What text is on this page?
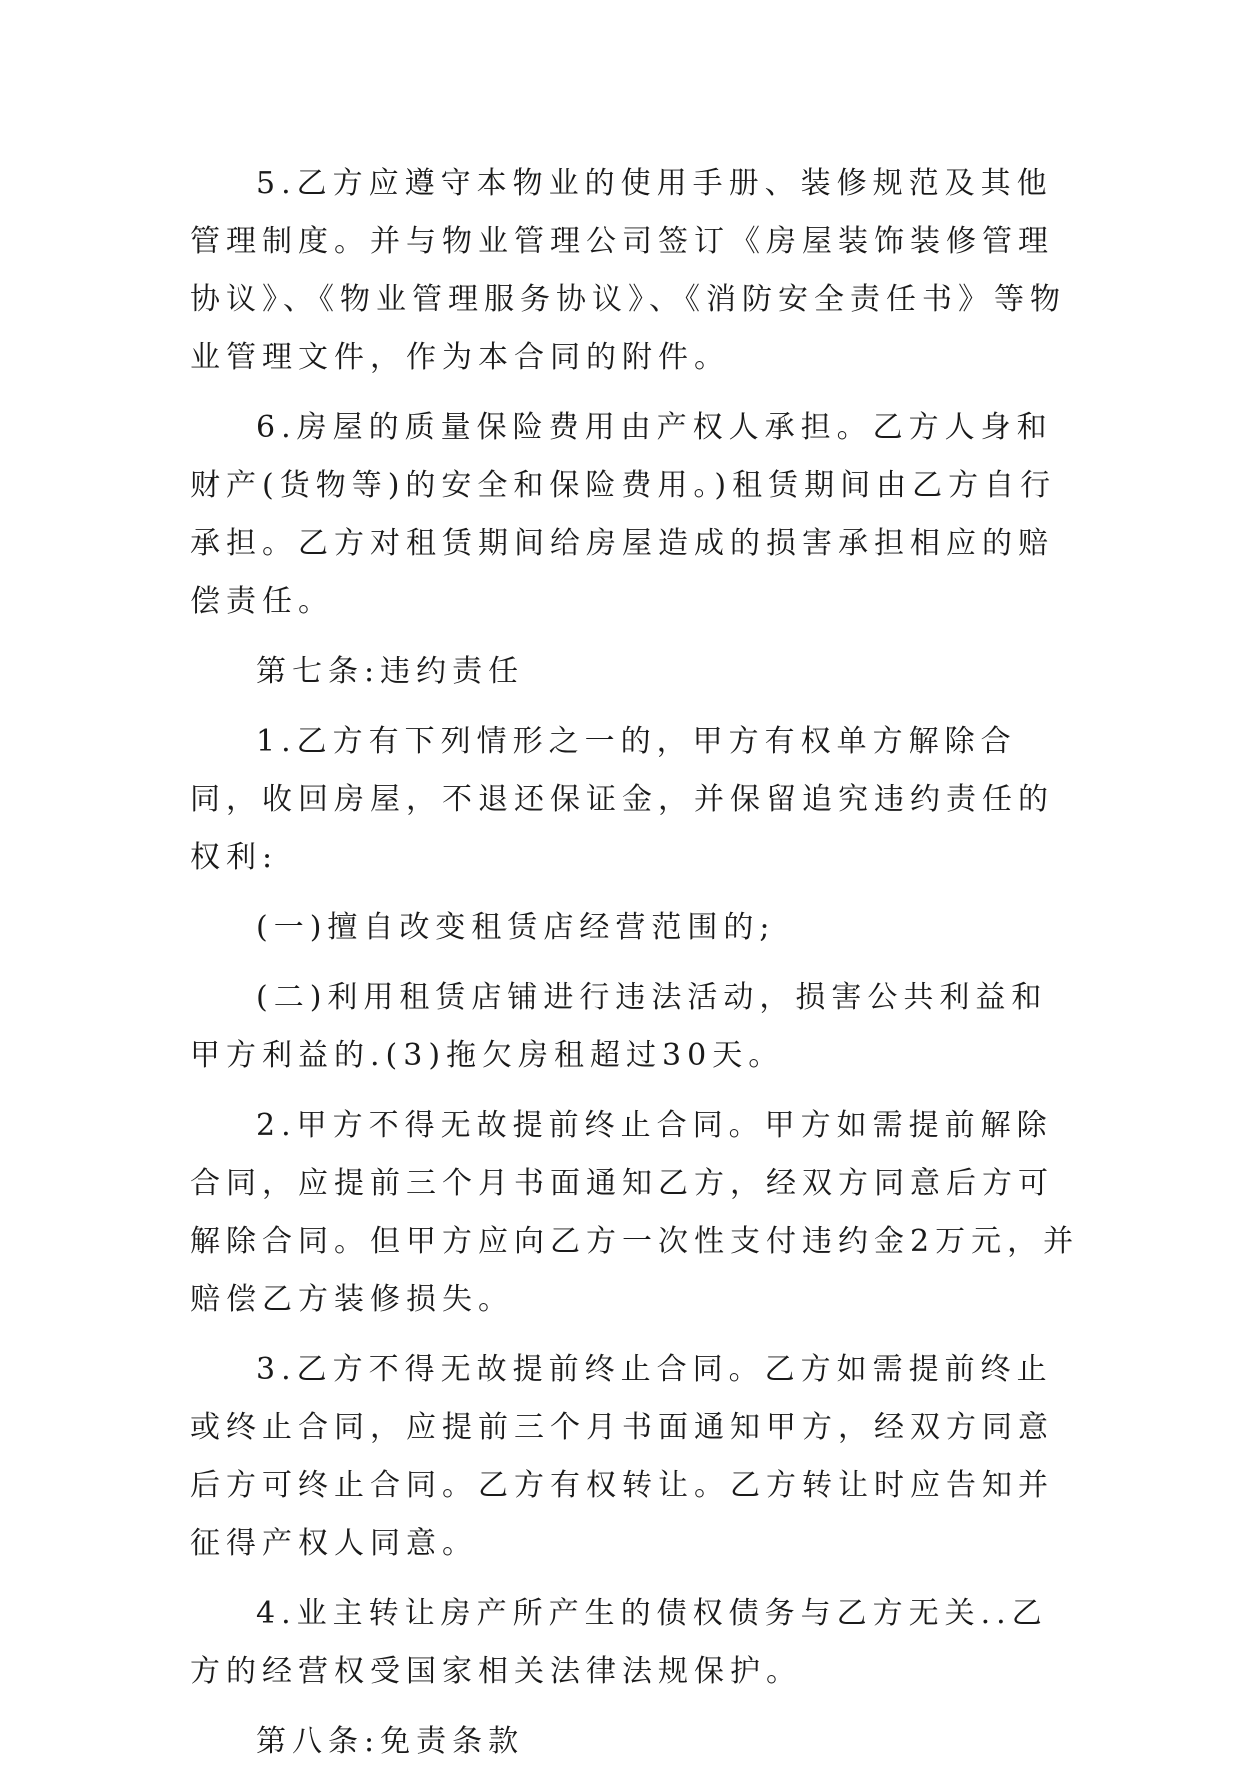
5.乙方应遵守本物业的使用手册、装修规范及其他管理制度。并与物业管理公司签订《房屋装饰装修管理协议》、《物业管理服务协议》、《消防安全责任书》等物业管理文件，作为本合同的附件。

6.房屋的质量保险费用由产权人承担。乙方人身和财产(货物等)的安全和保险费用。)租赁期间由乙方自行承担。乙方对租赁期间给房屋造成的损害承担相应的赔偿责任。

第七条:违约责任

1.乙方有下列情形之一的，甲方有权单方解除合同，收回房屋，不退还保证金，并保留追究违约责任的权利:

(一)擅自改变租赁店经营范围的;

(二)利用租赁店铺进行违法活动，损害公共利益和甲方利益的.(3)拖欠房租超过30天。

2.甲方不得无故提前终止合同。甲方如需提前解除合同，应提前三个月书面通知乙方，经双方同意后方可解除合同。但甲方应向乙方一次性支付违约金2万元，并赔偿乙方装修损失。

3.乙方不得无故提前终止合同。乙方如需提前终止或终止合同，应提前三个月书面通知甲方，经双方同意后方可终止合同。乙方有权转让。乙方转让时应告知并征得产权人同意。

4.业主转让房产所产生的债权债务与乙方无关..乙方的经营权受国家相关法律法规保护。

第八条:免责条款
